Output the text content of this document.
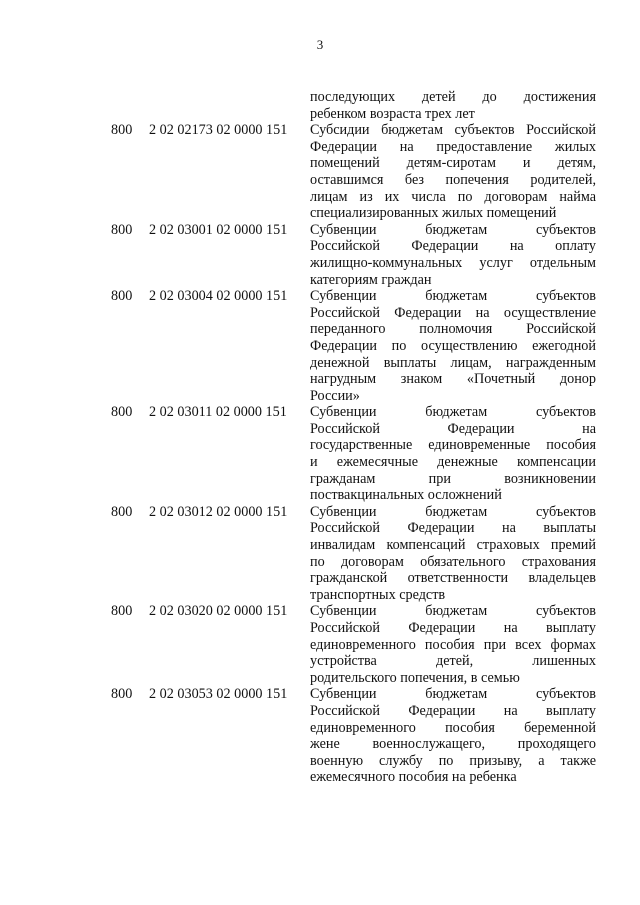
3
последующих детей до достижения
ребенком возраста трех лет
800	2 02 02173 02 0000 151	Субсидии бюджетам субъектов Российской
Федерации на предоставление жилых
помещений детям-сиротам и детям,
оставшимся без попечения родителей,
лицам из их числа по договорам найма
специализированных жилых помещений
800	2 02 03001 02 0000 151	Субвенции бюджетам субъектов
Российской Федерации на оплату
жилищно-коммунальных услуг отдельным
категориям граждан
800	2 02 03004 02 0000 151	Субвенции бюджетам субъектов
Российской Федерации на осуществление
переданного полномочия Российской
Федерации по осуществлению ежегодной
денежной выплаты лицам, награжденным
нагрудным знаком «Почетный донор
России»
800	2 02 03011 02 0000 151	Субвенции бюджетам субъектов
Российской Федерации на
государственные единовременные пособия
и ежемесячные денежные компенсации
гражданам при возникновении
поствакцинальных осложнений
800	2 02 03012 02 0000 151	Субвенции бюджетам субъектов
Российской Федерации на выплаты
инвалидам компенсаций страховых премий
по договорам обязательного страхования
гражданской ответственности владельцев
транспортных средств
800	2 02 03020 02 0000 151	Субвенции бюджетам субъектов
Российской Федерации на выплату
единовременного пособия при всех формах
устройства детей, лишенных
родительского попечения, в семью
800	2 02 03053 02 0000 151	Субвенции бюджетам субъектов
Российской Федерации на выплату
единовременного пособия беременной
жене военнослужащего, проходящего
военную службу по призыву, а также
ежемесячного пособия на ребенка
